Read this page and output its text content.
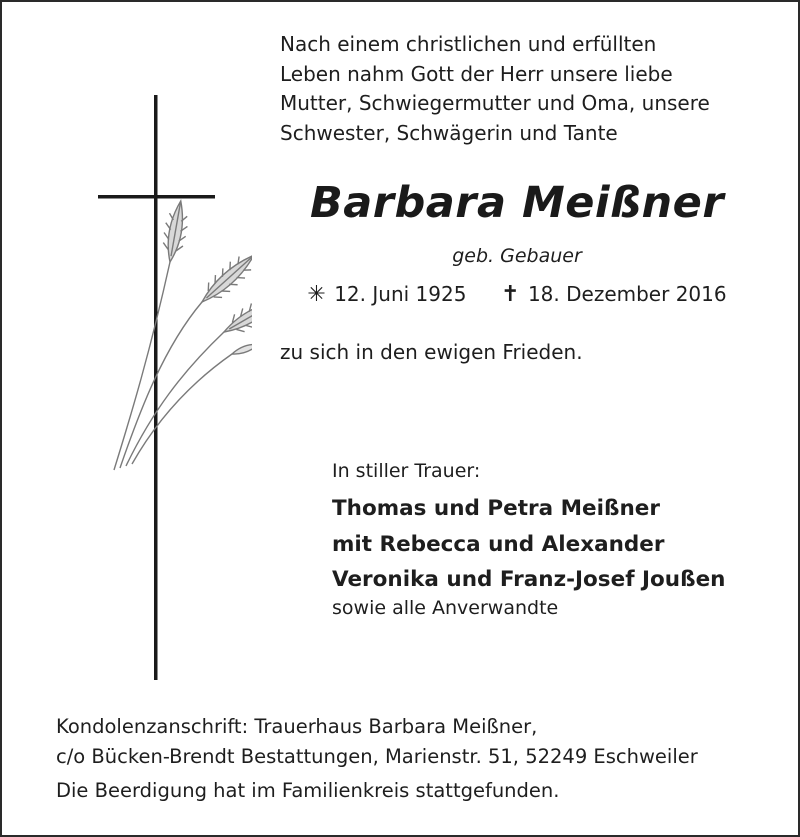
Nach einem christlichen und erfüllten
Leben nahm Gott der Herr unsere liebe
Mutter, Schwiegermutter und Oma, unsere
Schwester, Schwägerin und Tante
Barbara Meißner
geb. Gebauer
✳ 12. Juni 1925 ✝ 18. Dezember 2016
zu sich in den ewigen Frieden.
In stiller Trauer:
Thomas und Petra Meißner
mit Rebecca und Alexander
Veronika und Franz-Josef Joußen
sowie alle Anverwandte
Kondolenzanschrift: Trauerhaus Barbara Meißner,
c/o Bücken-Brendt Bestattungen, Marienstr. 51, 52249 Eschweiler
Die Beerdigung hat im Familienkreis stattgefunden.
